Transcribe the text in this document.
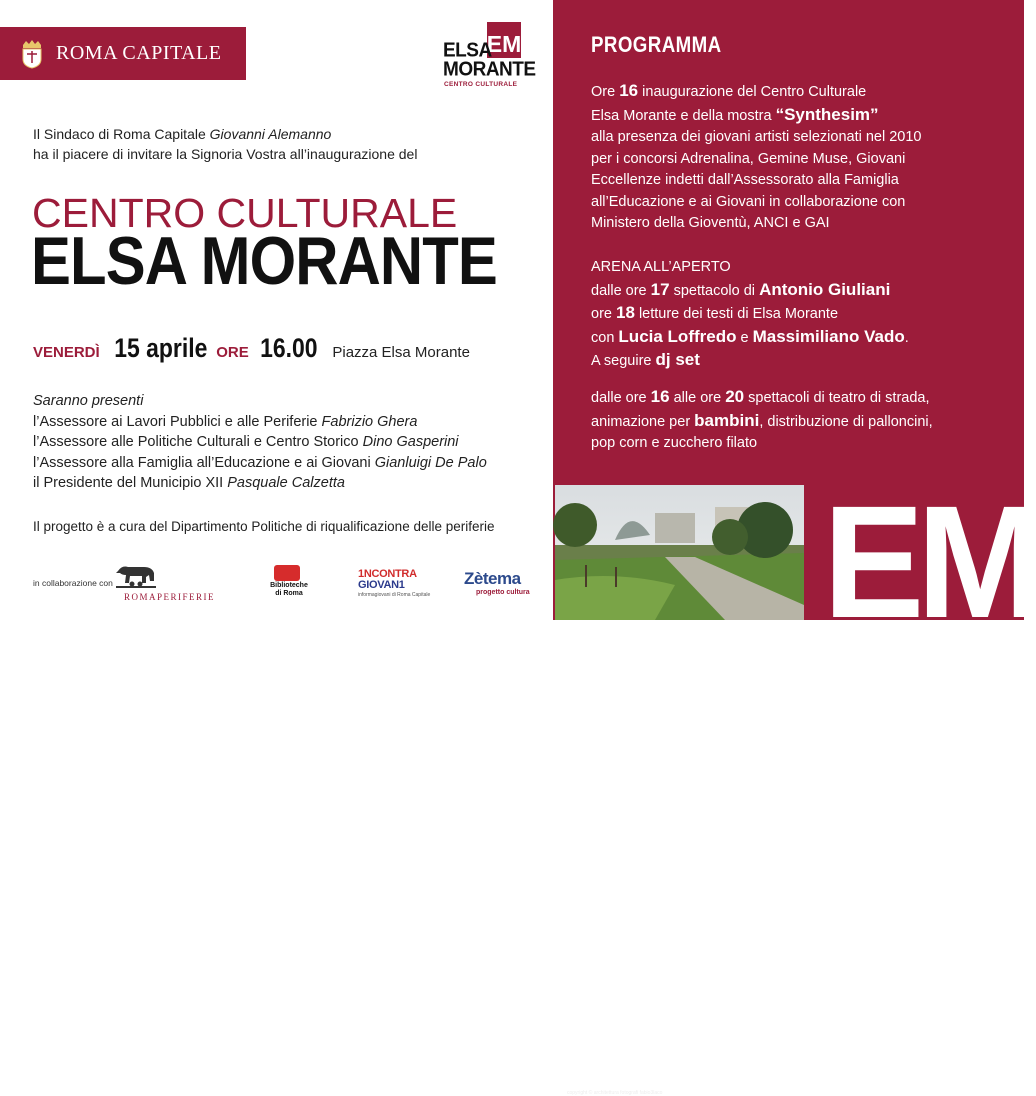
ROMA CAPITALE	EM
ELSA
MORANTE
CENTRO CULTURALE
Il Sindaco di Roma Capitale Giovanni Alemanno
ha il piacere di invitare la Signoria Vostra all’inaugurazione del
CENTRO CULTURALE
ELSA MORANTE
VENERDÌ 15 aprile ORE 16.00 Piazza Elsa Morante
Saranno presenti
l’Assessore ai Lavori Pubblici e alle Periferie Fabrizio Ghera
l’Assessore alle Politiche Culturali e Centro Storico Dino Gasperini
l’Assessore alla Famiglia all’Educazione e ai Giovani Gianluigi De Palo
il Presidente del Municipio XII Pasquale Calzetta
Il progetto è a cura del Dipartimento Politiche di riqualificazione delle periferie
in collaborazione con
ROMAPERIFERIE
Biblioteche di Roma
1NCONTRA
GIOVAN1
informagiovani di Roma Capitale
Zètema
progetto cultura
PROGRAMMA
Ore 16 inaugurazione del Centro Culturale
Elsa Morante e della mostra “Synthesim”
alla presenza dei giovani artisti selezionati nel 2010
per i concorsi Adrenalina, Gemine Muse, Giovani
Eccellenze indetti dall’Assessorato alla Famiglia
all’Educazione e ai Giovani in collaborazione con
Ministero della Gioventù, ANCI e GAI
ARENA ALL’APERTO
dalle ore 17 spettacolo di Antonio Giuliani
ore 18 letture dei testi di Elsa Morante
con Lucia Loffredo e Massimiliano Vado.
A seguire dj set
dalle ore 16 alle ore 20 spettacoli di teatro di strada,
animazione per bambini, distribuzione di palloncini,
pop corn e zucchero filato
copyright © architettura fotografi fabio3laco
EM
